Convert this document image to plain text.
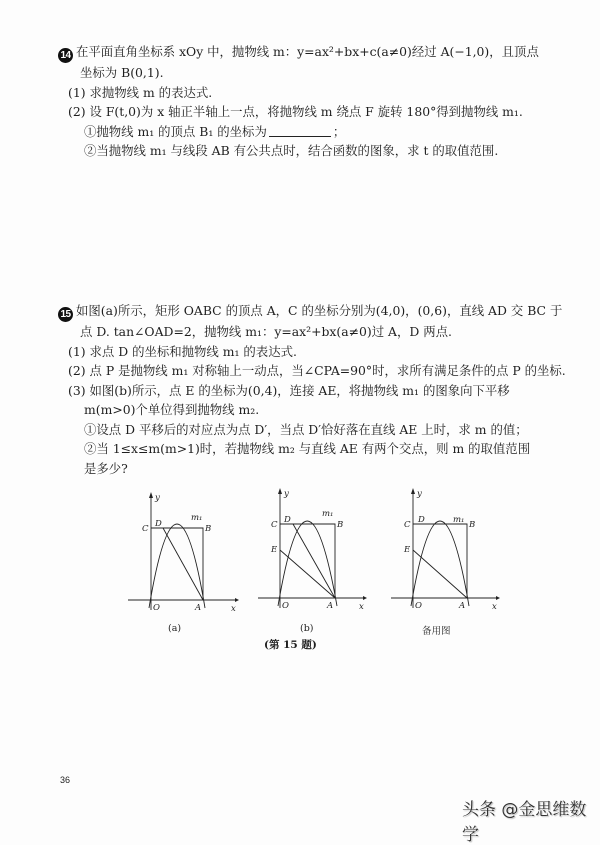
14 在平面直角坐标系 xOy 中，抛物线 m：y=ax²+bx+c(a≠0)经过 A(−1,0)，且顶点
坐标为 B(0,1).
(1) 求抛物线 m 的表达式.
(2) 设 F(t,0)为 x 轴正半轴上一点，将抛物线 m 绕点 F 旋转 180°得到抛物线 m₁.
①抛物线 m₁ 的顶点 B₁ 的坐标为	；
②当抛物线 m₁ 与线段 AB 有公共点时，结合函数的图象，求 t 的取值范围.
15 如图(a)所示，矩形 OABC 的顶点 A，C 的坐标分别为(4,0)，(0,6)，直线 AD 交 BC 于
点 D. tan∠OAD=2，抛物线 m₁：y=ax²+bx(a≠0)过 A，D 两点.
(1) 求点 D 的坐标和抛物线 m₁ 的表达式.
(2) 点 P 是抛物线 m₁ 对称轴上一动点，当∠CPA=90°时，求所有满足条件的点 P 的坐标.
(3) 如图(b)所示，点 E 的坐标为(0,4)，连接 AE，将抛物线 m₁ 的图象向下平移
m(m>0)个单位得到抛物线 m₂.
①设点 D 平移后的对应点为点 D′，当点 D′恰好落在直线 AE 上时，求 m 的值；
②当 1≤x≤m(m>1)时，若抛物线 m₂ 与直线 AE 有两个交点，则 m 的取值范围
是多少?
y
x
O	A
B
C D
m₁
(a)
y
x
O	A
B
C D
E
m₁
(b)
y
x
O	A
B
C D
E
m₁
备用图
(第 15 题)
36
头条 @金思维数学
